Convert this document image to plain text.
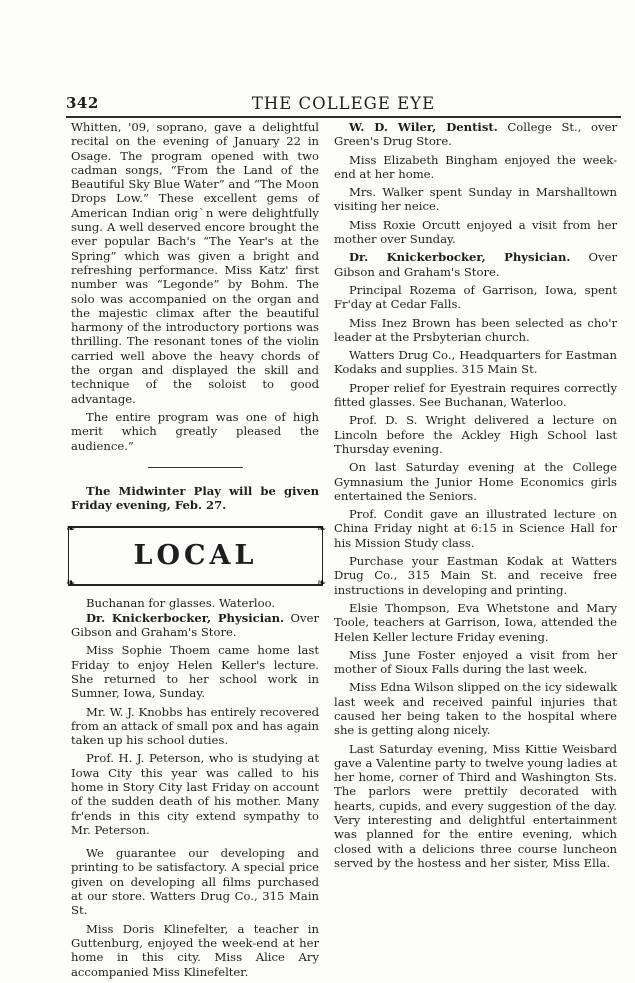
342	THE COLLEGE EYE

Whitten, '09, soprano, gave a delightful recital on the evening of January 22 in Osage. The program opened with two cadman songs, “From the Land of the Beautiful Sky Blue Water” and “The Moon Drops Low.” These excellent gems of American Indian origˋn were delightfully sung. A well deserved encore brought the ever popular Bach's “The Year's at the Spring” which was given a bright and refreshing performance. Miss Katz' first number was “Legonde” by Bohm. The solo was accompanied on the organ and the majestic climax after the beautiful harmony of the introductory portions was thrilling. The resonant tones of the violin carried well above the heavy chords of the organ and displayed the skill and technique of the soloist to good advantage.

The entire program was one of high merit which greatly pleased the audience.”

The Midwinter Play will be given Friday evening, Feb. 27.

❧	❧
❧	❧
LOCAL

Buchanan for glasses. Waterloo.

Dr. Knickerbocker, Physician. Over Gibson and Graham's Store.

Miss Sophie Thoem came home last Friday to enjoy Helen Keller's lecture. She returned to her school work in Sumner, Iowa, Sunday.

Mr. W. J. Knobbs has entirely recovered from an attack of small pox and has again taken up his school duties.

Prof. H. J. Peterson, who is studying at Iowa City this year was called to his home in Story City last Friday on account of the sudden death of his mother. Many fr'ends in this city extend sympathy to Mr. Peterson.

We guarantee our developing and printing to be satisfactory. A special price given on developing all films purchased at our store. Watters Drug Co., 315 Main St.

Miss Doris Klinefelter, a teacher in Guttenburg, enjoyed the week-end at her home in this city. Miss Alice Ary accompanied Miss Klinefelter.

W. D. Wiler, Dentist. College St., over Green's Drug Store.

Miss Elizabeth Bingham enjoyed the week-end at her home.

Mrs. Walker spent Sunday in Marshalltown visiting her neice.

Miss Roxie Orcutt enjoyed a visit from her mother over Sunday.

Dr. Knickerbocker, Physician. Over Gibson and Graham's Store.

Principal Rozema of Garrison, Iowa, spent Fr'day at Cedar Falls.

Miss Inez Brown has been selected as cho'r leader at the Prsbyterian church.

Watters Drug Co., Headquarters for Eastman Kodaks and supplies. 315 Main St.

Proper relief for Eyestrain requires correctly fitted glasses. See Buchanan, Waterloo.

Prof. D. S. Wright delivered a lecture on Lincoln before the Ackley High School last Thursday evening.

On last Saturday evening at the College Gymnasium the Junior Home Economics girls entertained the Seniors.

Prof. Condit gave an illustrated lecture on China Friday night at 6:15 in Science Hall for his Mission Study class.

Purchase your Eastman Kodak at Watters Drug Co., 315 Main St. and receive free instructions in developing and printing.

Elsie Thompson, Eva Whetstone and Mary Toole, teachers at Garrison, Iowa, attended the Helen Keller lecture Friday evening.

Miss June Foster enjoyed a visit from her mother of Sioux Falls during the last week.

Miss Edna Wilson slipped on the icy sidewalk last week and received painful injuries that caused her being taken to the hospital where she is getting along nicely.

Last Saturday evening, Miss Kittie Weisbard gave a Valentine party to twelve young ladies at her home, corner of Third and Washington Sts. The parlors were prettily decorated with hearts, cupids, and every suggestion of the day. Very interesting and delightful entertainment was planned for the entire evening, which closed with a delicions three course luncheon served by the hostess and her sister, Miss Ella.
